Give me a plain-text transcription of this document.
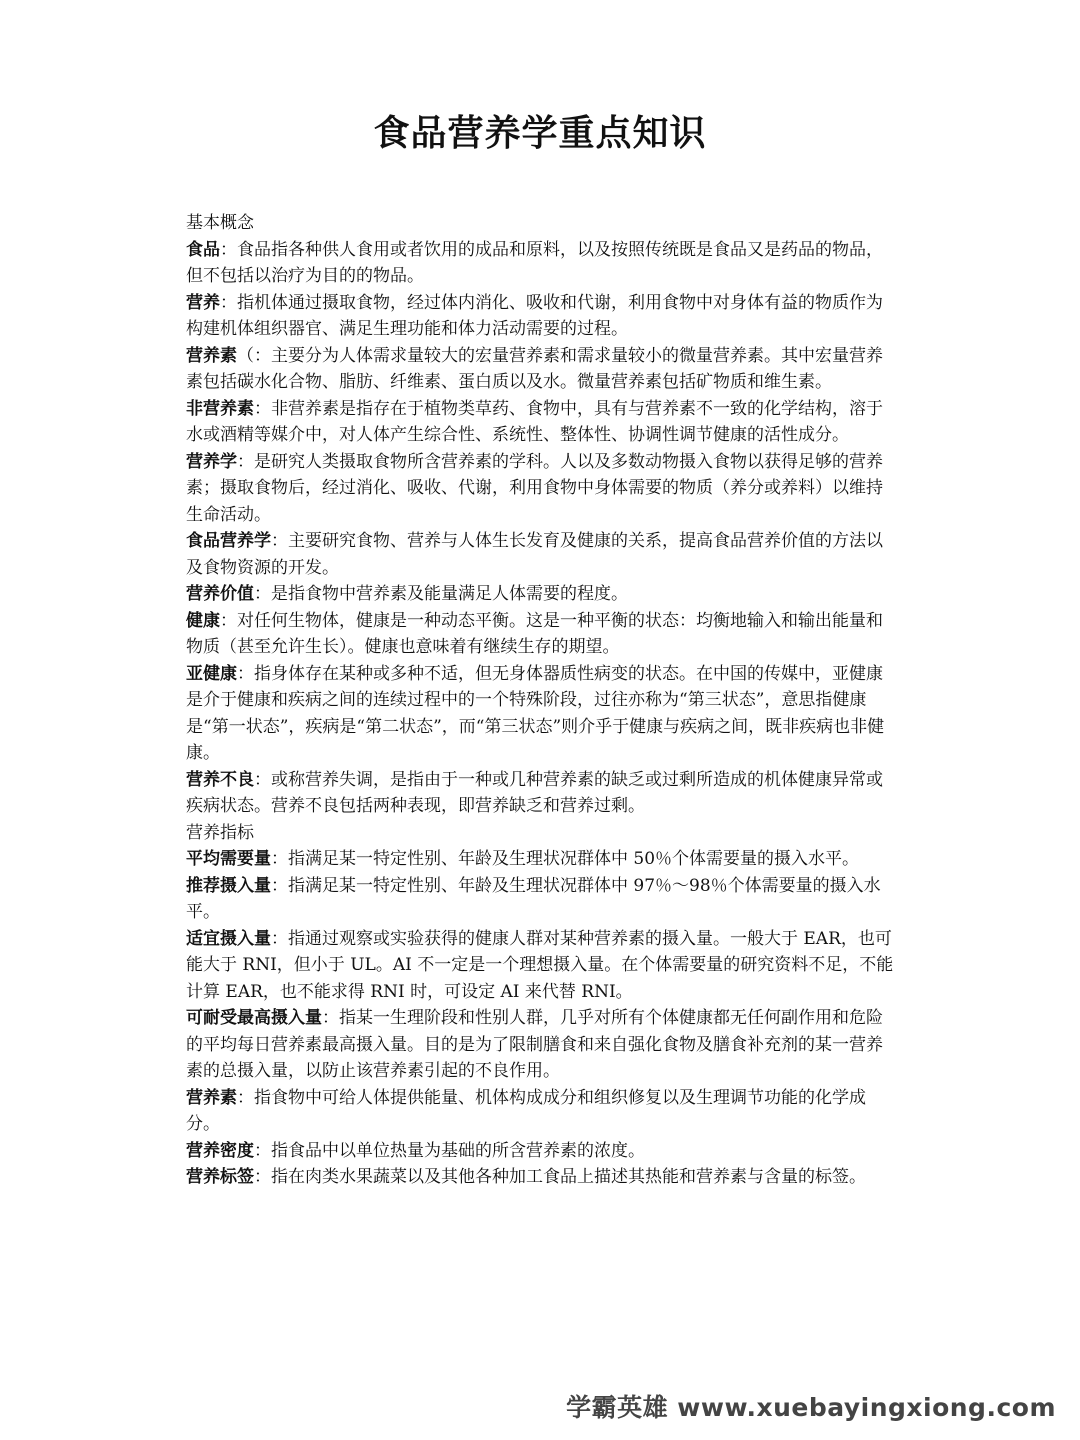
食品营养学重点知识
基本概念

食品：食品指各种供人食用或者饮用的成品和原料，以及按照传统既是食品又是药品的物品，但不包括以治疗为目的的物品。

营养：指机体通过摄取食物，经过体内消化、吸收和代谢，利用食物中对身体有益的物质作为构建机体组织器官、满足生理功能和体力活动需要的过程。

营养素（：主要分为人体需求量较大的宏量营养素和需求量较小的微量营养素。其中宏量营养素包括碳水化合物、脂肪、纤维素、蛋白质以及水。微量营养素包括矿物质和维生素。

非营养素：非营养素是指存在于植物类草药、食物中，具有与营养素不一致的化学结构，溶于水或酒精等媒介中，对人体产生综合性、系统性、整体性、协调性调节健康的活性成分。

营养学：是研究人类摄取食物所含营养素的学科。人以及多数动物摄入食物以获得足够的营养素；摄取食物后，经过消化、吸收、代谢，利用食物中身体需要的物质（养分或养料）以维持生命活动。

食品营养学：主要研究食物、营养与人体生长发育及健康的关系，提高食品营养价值的方法以及食物资源的开发。

营养价值：是指食物中营养素及能量满足人体需要的程度。

健康：对任何生物体，健康是一种动态平衡。这是一种平衡的状态：均衡地输入和输出能量和物质（甚至允许生长）。健康也意味着有继续生存的期望。

亚健康：指身体存在某种或多种不适，但无身体器质性病变的状态。在中国的传媒中，亚健康是介于健康和疾病之间的连续过程中的一个特殊阶段，过往亦称为“第三状态”，意思指健康是“第一状态”，疾病是“第二状态”，而“第三状态”则介乎于健康与疾病之间，既非疾病也非健康。

营养不良：或称营养失调，是指由于一种或几种营养素的缺乏或过剩所造成的机体健康异常或疾病状态。营养不良包括两种表现，即营养缺乏和营养过剩。

营养指标

平均需要量：指满足某一特定性别、年龄及生理状况群体中 50％个体需要量的摄入水平。

推荐摄入量：指满足某一特定性别、年龄及生理状况群体中 97％～98％个体需要量的摄入水平。

适宜摄入量：指通过观察或实验获得的健康人群对某种营养素的摄入量。一般大于 EAR，也可能大于 RNI，但小于 UL。AI 不一定是一个理想摄入量。在个体需要量的研究资料不足，不能计算 EAR，也不能求得 RNI 时，可设定 AI 来代替 RNI。

可耐受最高摄入量：指某一生理阶段和性别人群，几乎对所有个体健康都无任何副作用和危险的平均每日营养素最高摄入量。目的是为了限制膳食和来自强化食物及膳食补充剂的某一营养素的总摄入量，以防止该营养素引起的不良作用。

营养素：指食物中可给人体提供能量、机体构成成分和组织修复以及生理调节功能的化学成分。

营养密度：指食品中以单位热量为基础的所含营养素的浓度。

营养标签：指在肉类水果蔬菜以及其他各种加工食品上描述其热能和营养素与含量的标签。

学霸英雄 www.xuebayingxiong.com
